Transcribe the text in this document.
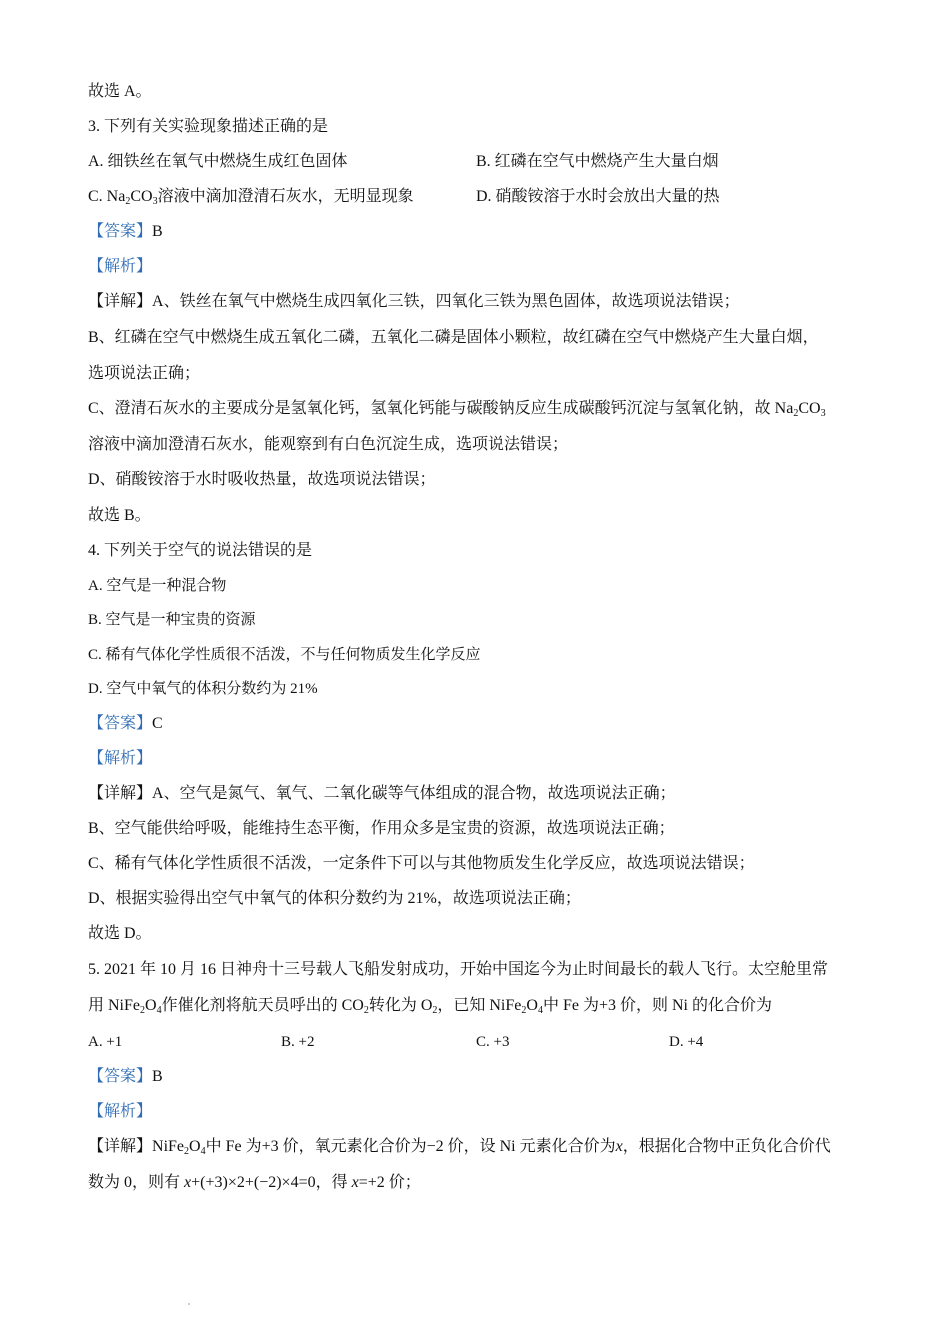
故选 A。
3. 下列有关实验现象描述正确的是
A. 细铁丝在氧气中燃烧生成红色固体	B. 红磷在空气中燃烧产生大量白烟
C. $Na_2CO_3$溶液中滴加澄清石灰水，无明显现象	D. 硝酸铵溶于水时会放出大量的热
【答案】B
【解析】
【详解】A、铁丝在氧气中燃烧生成四氧化三铁，四氧化三铁为黑色固体，故选项说法错误；
B、红磷在空气中燃烧生成五氧化二磷，五氧化二磷是固体小颗粒，故红磷在空气中燃烧产生大量白烟，
选项说法正确；
C、澄清石灰水的主要成分是氢氧化钙，氢氧化钙能与碳酸钠反应生成碳酸钙沉淀与氢氧化钠，故 $Na_2CO_3$
溶液中滴加澄清石灰水，能观察到有白色沉淀生成，选项说法错误；
D、硝酸铵溶于水时吸收热量，故选项说法错误；
故选 B。
4. 下列关于空气的说法错误的是
A. 空气是一种混合物
B. 空气是一种宝贵的资源
C. 稀有气体化学性质很不活泼，不与任何物质发生化学反应
D. 空气中氧气的体积分数约为 21%
【答案】C
【解析】
【详解】A、空气是氮气、氧气、二氧化碳等气体组成的混合物，故选项说法正确；
B、空气能供给呼吸，能维持生态平衡，作用众多是宝贵的资源，故选项说法正确；
C、稀有气体化学性质很不活泼，一定条件下可以与其他物质发生化学反应，故选项说法错误；
D、根据实验得出空气中氧气的体积分数约为 21%，故选项说法正确；
故选 D。
5. 2021 年 10 月 16 日神舟十三号载人飞船发射成功，开始中国迄今为止时间最长的载人飞行。太空舱里常
用 $NiFe_2O_4$作催化剂将航天员呼出的 $CO_2$转化为 $O_2$，已知 $NiFe_2O_4$中 Fe 为+3 价，则 Ni 的化合价为
A. +1	B. +2	C. +3	D. +4
【答案】B
【解析】
【详解】$NiFe_2O_4$中 Fe 为+3 价，氧元素化合价为−2 价，设 Ni 元素化合价为x，根据化合物中正负化合价代
数为 0，则有 x+(+3)×2+(−2)×4=0，得 x=+2 价；
